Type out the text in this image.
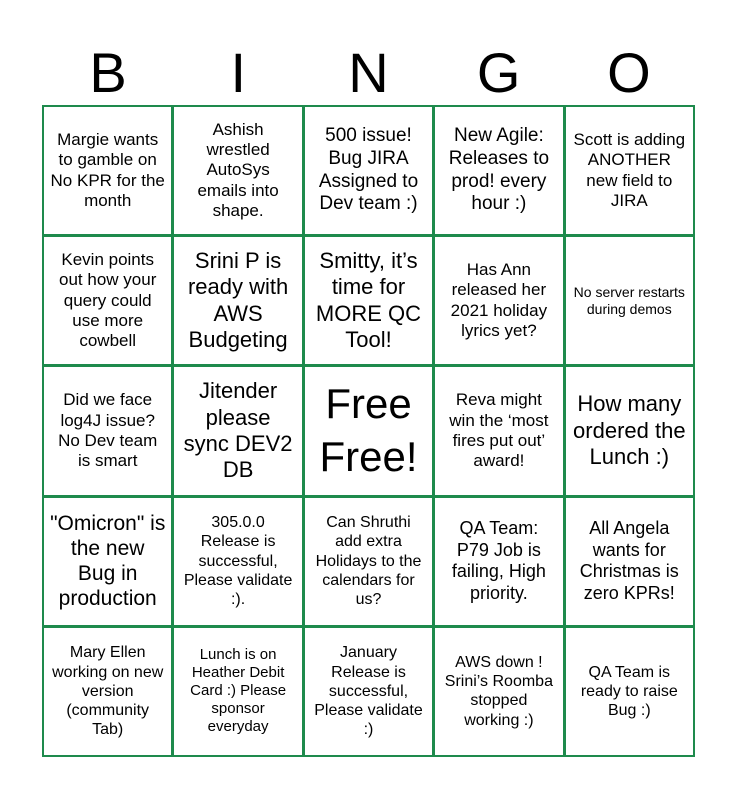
B	I	N	G	O
Margie wants to gamble on No KPR for the month
Ashish wrestled AutoSys emails into shape.
500 issue! Bug JIRA Assigned to Dev team :)
New Agile: Releases to prod! every hour :)
Scott is adding ANOTHER new field to JIRA
Kevin points out how your query could use more cowbell
Srini P is ready with AWS Budgeting
Smitty, it’s time for MORE QC Tool!
Has Ann released her 2021 holiday lyrics yet?
No server restarts during demos
Did we face log4J issue? No Dev team is smart
Jitender please sync DEV2 DB
Free Free!
Reva might win the ‘most fires put out’ award!
How many ordered the Lunch :)
"Omicron" is the new Bug in production
305.0.0 Release is successful, Please validate :).
Can Shruthi add extra Holidays to the calendars for us?
QA Team: P79 Job is failing, High priority.
All Angela wants for Christmas is zero KPRs!
Mary Ellen working on new version (community Tab)
Lunch is on Heather Debit Card :) Please sponsor everyday
January Release is successful, Please validate :)
AWS down ! Srini’s Roomba stopped working :)
QA Team is ready to raise Bug :)
